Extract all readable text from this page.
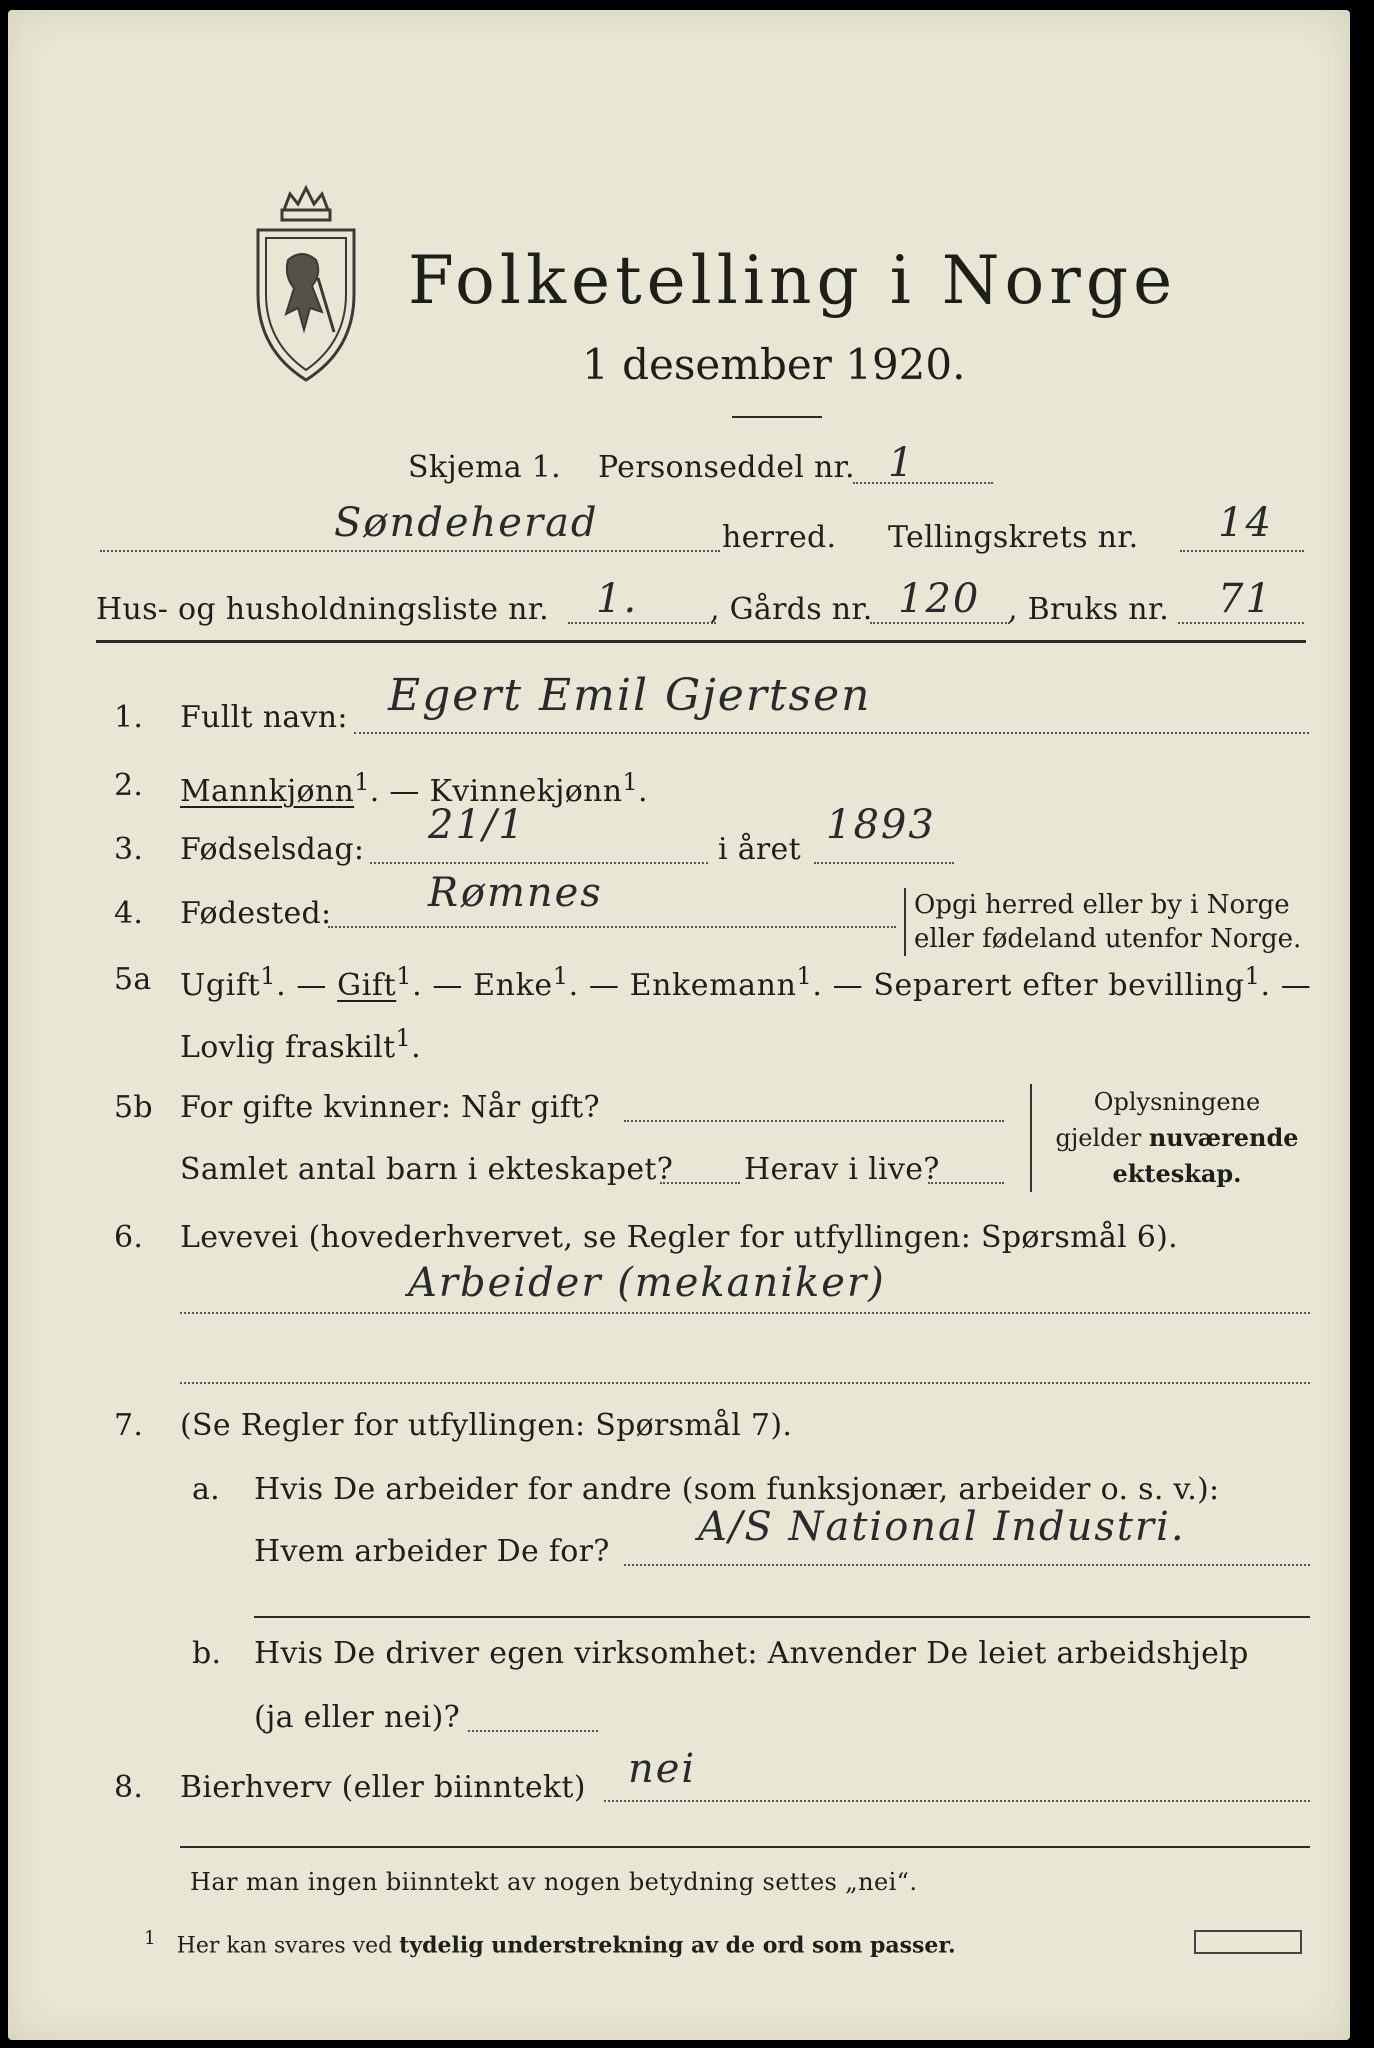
Folketelling i Norge
1 desember 1920.
Skjema 1. Personseddel nr. 1
Søndeherad	herred. Tellingskrets nr. 14
Hus- og husholdningsliste nr. 1. , Gårds nr. 120 , Bruks nr. 71
1. Fullt navn: Egert Emil Gjertsen
2. Mannkjønn$^1$. — Kvinnekjønn$^1$.
3. Fødselsdag:
21/1
i året
1893
4. Fødested: Rømnes	Opgi herred eller by i Norge
eller fødeland utenfor Norge.
5a Ugift$^1$. — Gift$^1$. — Enke$^1$. — Enkemann$^1$. — Separert efter bevilling$^1$. —
Lovlig fraskilt$^1$.
5b For gifte kvinner: Når gift?
Samlet antal barn i ekteskapet? Herav i live?
Oplysningene
gjelder nuværende
ekteskap.
6. Levevei (hovederhvervet, se Regler for utfyllingen: Spørsmål 6).
Arbeider (mekaniker)
7. (Se Regler for utfyllingen: Spørsmål 7).
a. Hvis De arbeider for andre (som funksjonær, arbeider o. s. v.):
Hvem arbeider De for?
A/S National Industri.
b. Hvis De driver egen virksomhet: Anvender De leiet arbeidshjelp
(ja eller nei)?
8. Bierhverv (eller biinntekt) nei
Har man ingen biinntekt av nogen betydning settes „nei“.
$^1$ Her kan svares ved tydelig understrekning av de ord som passer.
